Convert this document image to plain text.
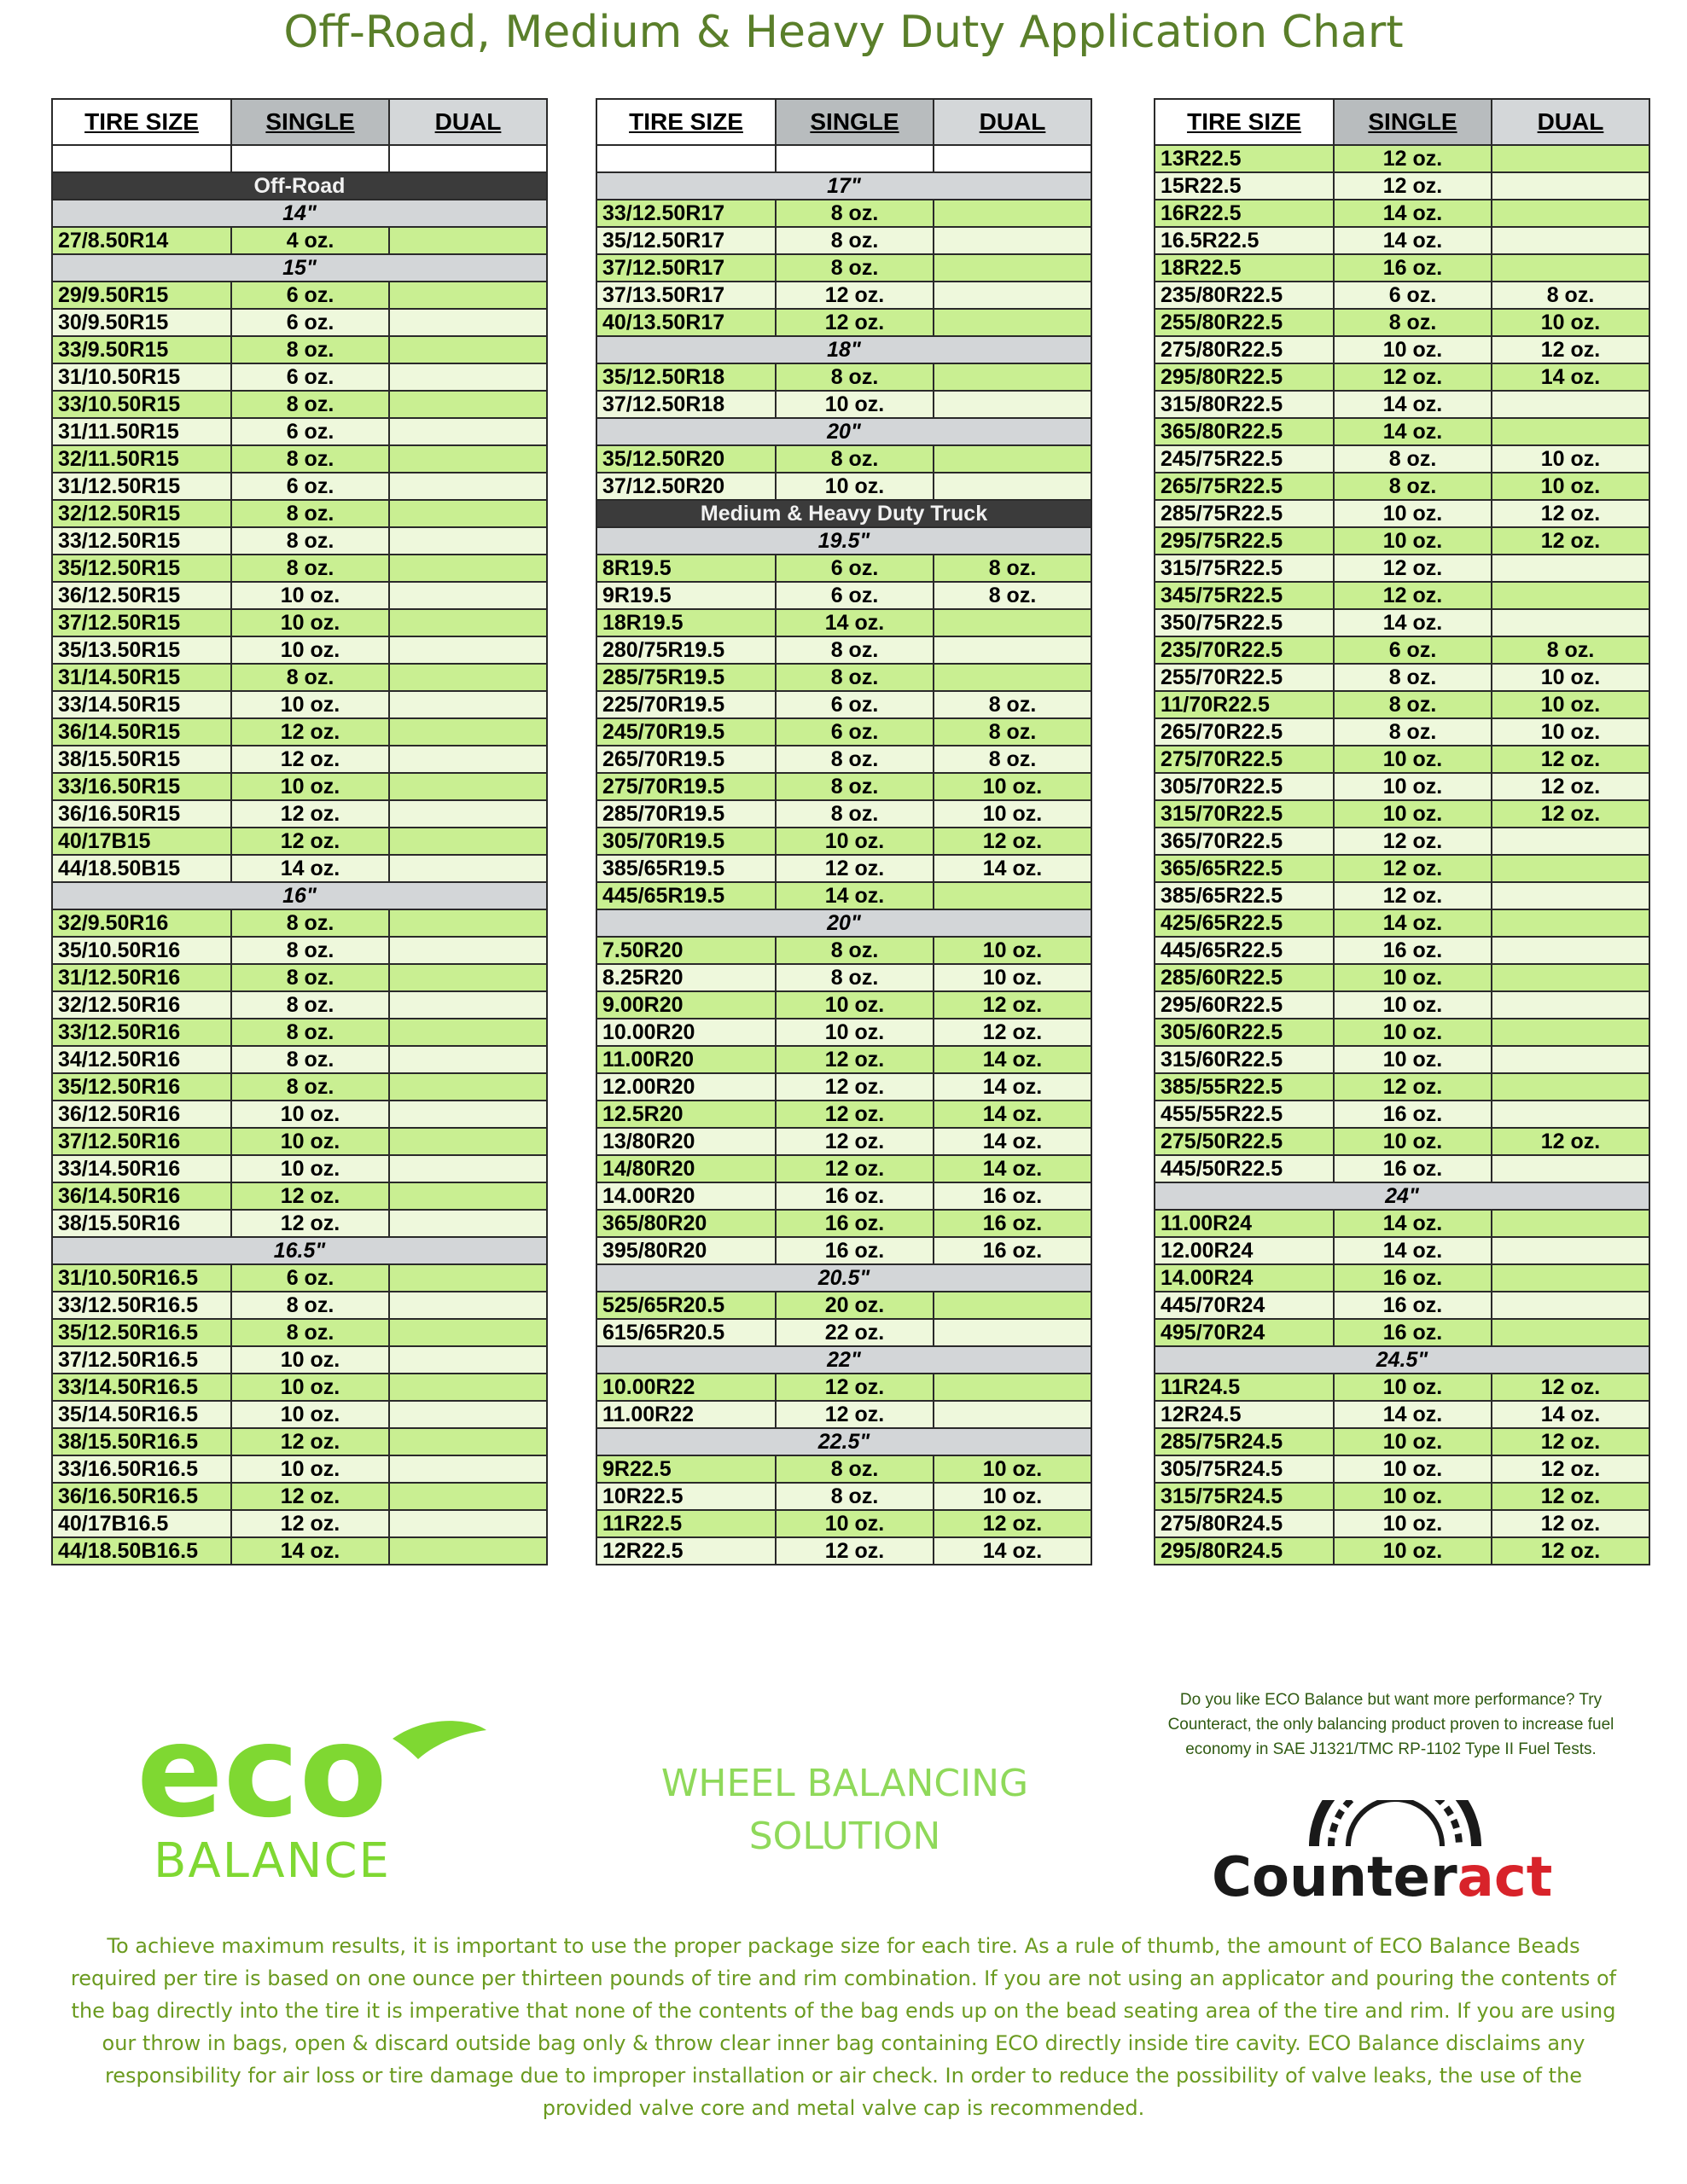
Off-Road, Medium & Heavy Duty Application Chart
TIRE SIZE	SINGLE	DUAL

Off-Road		
14"		
27/8.50R14	4 oz.	
15"		
29/9.50R15	6 oz.	
30/9.50R15	6 oz.	
33/9.50R15	8 oz.	
31/10.50R15	6 oz.	
33/10.50R15	8 oz.	
31/11.50R15	6 oz.	
32/11.50R15	8 oz.	
31/12.50R15	6 oz.	
32/12.50R15	8 oz.	
33/12.50R15	8 oz.	
35/12.50R15	8 oz.	
36/12.50R15	10 oz.	
37/12.50R15	10 oz.	
35/13.50R15	10 oz.	
31/14.50R15	8 oz.	
33/14.50R15	10 oz.	
36/14.50R15	12 oz.	
38/15.50R15	12 oz.	
33/16.50R15	10 oz.	
36/16.50R15	12 oz.	
40/17B15	12 oz.	
44/18.50B15	14 oz.	
16"		
32/9.50R16	8 oz.	
35/10.50R16	8 oz.	
31/12.50R16	8 oz.	
32/12.50R16	8 oz.	
33/12.50R16	8 oz.	
34/12.50R16	8 oz.	
35/12.50R16	8 oz.	
36/12.50R16	10 oz.	
37/12.50R16	10 oz.	
33/14.50R16	10 oz.	
36/14.50R16	12 oz.	
38/15.50R16	12 oz.	
16.5"		
31/10.50R16.5	6 oz.	
33/12.50R16.5	8 oz.	
35/12.50R16.5	8 oz.	
37/12.50R16.5	10 oz.	
33/14.50R16.5	10 oz.	
35/14.50R16.5	10 oz.	
38/15.50R16.5	12 oz.	
33/16.50R16.5	10 oz.	
36/16.50R16.5	12 oz.	
40/17B16.5	12 oz.	
44/18.50B16.5	14 oz.	
TIRE SIZE	SINGLE	DUAL

17"		
33/12.50R17	8 oz.	
35/12.50R17	8 oz.	
37/12.50R17	8 oz.	
37/13.50R17	12 oz.	
40/13.50R17	12 oz.	
18"		
35/12.50R18	8 oz.	
37/12.50R18	10 oz.	
20"		
35/12.50R20	8 oz.	
37/12.50R20	10 oz.	
Medium & Heavy Duty Truck		
19.5"		
8R19.5	6 oz.	8 oz.
9R19.5	6 oz.	8 oz.
18R19.5	14 oz.	
280/75R19.5	8 oz.	
285/75R19.5	8 oz.	
225/70R19.5	6 oz.	8 oz.
245/70R19.5	6 oz.	8 oz.
265/70R19.5	8 oz.	8 oz.
275/70R19.5	8 oz.	10 oz.
285/70R19.5	8 oz.	10 oz.
305/70R19.5	10 oz.	12 oz.
385/65R19.5	12 oz.	14 oz.
445/65R19.5	14 oz.	
20"		
7.50R20	8 oz.	10 oz.
8.25R20	8 oz.	10 oz.
9.00R20	10 oz.	12 oz.
10.00R20	10 oz.	12 oz.
11.00R20	12 oz.	14 oz.
12.00R20	12 oz.	14 oz.
12.5R20	12 oz.	14 oz.
13/80R20	12 oz.	14 oz.
14/80R20	12 oz.	14 oz.
14.00R20	16 oz.	16 oz.
365/80R20	16 oz.	16 oz.
395/80R20	16 oz.	16 oz.
20.5"		
525/65R20.5	20 oz.	
615/65R20.5	22 oz.	
22"		
10.00R22	12 oz.	
11.00R22	12 oz.	
22.5"		
9R22.5	8 oz.	10 oz.
10R22.5	8 oz.	10 oz.
11R22.5	10 oz.	12 oz.
12R22.5	12 oz.	14 oz.
TIRE SIZE	SINGLE	DUAL
13R22.5	12 oz.	
15R22.5	12 oz.	
16R22.5	14 oz.	
16.5R22.5	14 oz.	
18R22.5	16 oz.	
235/80R22.5	6 oz.	8 oz.
255/80R22.5	8 oz.	10 oz.
275/80R22.5	10 oz.	12 oz.
295/80R22.5	12 oz.	14 oz.
315/80R22.5	14 oz.	
365/80R22.5	14 oz.	
245/75R22.5	8 oz.	10 oz.
265/75R22.5	8 oz.	10 oz.
285/75R22.5	10 oz.	12 oz.
295/75R22.5	10 oz.	12 oz.
315/75R22.5	12 oz.	
345/75R22.5	12 oz.	
350/75R22.5	14 oz.	
235/70R22.5	6 oz.	8 oz.
255/70R22.5	8 oz.	10 oz.
11/70R22.5	8 oz.	10 oz.
265/70R22.5	8 oz.	10 oz.
275/70R22.5	10 oz.	12 oz.
305/70R22.5	10 oz.	12 oz.
315/70R22.5	10 oz.	12 oz.
365/70R22.5	12 oz.	
365/65R22.5	12 oz.	
385/65R22.5	12 oz.	
425/65R22.5	14 oz.	
445/65R22.5	16 oz.	
285/60R22.5	10 oz.	
295/60R22.5	10 oz.	
305/60R22.5	10 oz.	
315/60R22.5	10 oz.	
385/55R22.5	12 oz.	
455/55R22.5	16 oz.	
275/50R22.5	10 oz.	12 oz.
445/50R22.5	16 oz.	
24"		
11.00R24	14 oz.	
12.00R24	14 oz.	
14.00R24	16 oz.	
445/70R24	16 oz.	
495/70R24	16 oz.	
24.5"		
11R24.5	10 oz.	12 oz.
12R24.5	14 oz.	14 oz.
285/75R24.5	10 oz.	12 oz.
305/75R24.5	10 oz.	12 oz.
315/75R24.5	10 oz.	12 oz.
275/80R24.5	10 oz.	12 oz.
295/80R24.5	10 oz.	12 oz.
eco
BALANCE
WHEEL BALANCING
SOLUTION
Do you like ECO Balance but want more performance? Try Counteract, the only balancing product proven to increase fuel economy in SAE J1321/TMC RP-1102 Type II Fuel Tests.
Counteract
To achieve maximum results, it is important to use the proper package size for each tire. As a rule of thumb, the amount of ECO Balance Beads required per tire is based on one ounce per thirteen pounds of tire and rim combination. If you are not using an applicator and pouring the contents of the bag directly into the tire it is imperative that none of the contents of the bag ends up on the bead seating area of the tire and rim. If you are using our throw in bags, open & discard outside bag only & throw clear inner bag containing ECO directly inside tire cavity. ECO Balance disclaims any responsibility for air loss or tire damage due to improper installation or air check. In order to reduce the possibility of valve leaks, the use of the provided valve core and metal valve cap is recommended.
